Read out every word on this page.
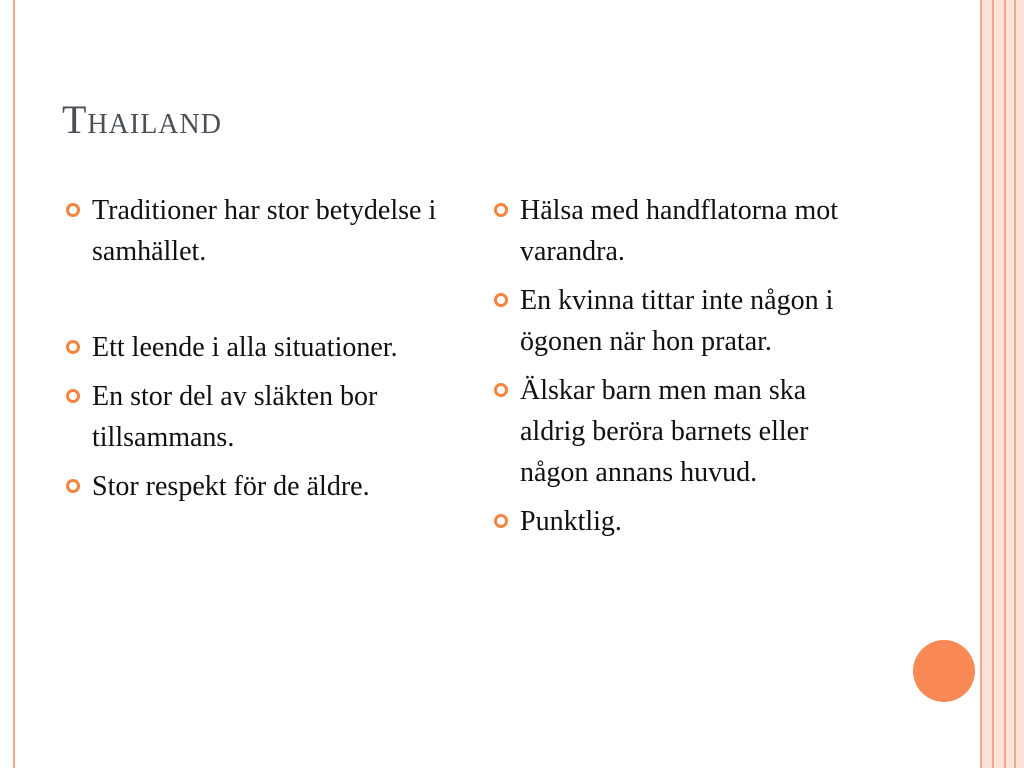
Thailand
Traditioner har stor betydelse i samhället.
Ett leende i alla situationer.
En stor del av släkten bor tillsammans.
Stor respekt för de äldre.
Hälsa med handflatorna mot varandra.
En kvinna tittar inte någon i ögonen när hon pratar.
Älskar barn men man ska aldrig beröra barnets eller någon annans huvud.
Punktlig.
